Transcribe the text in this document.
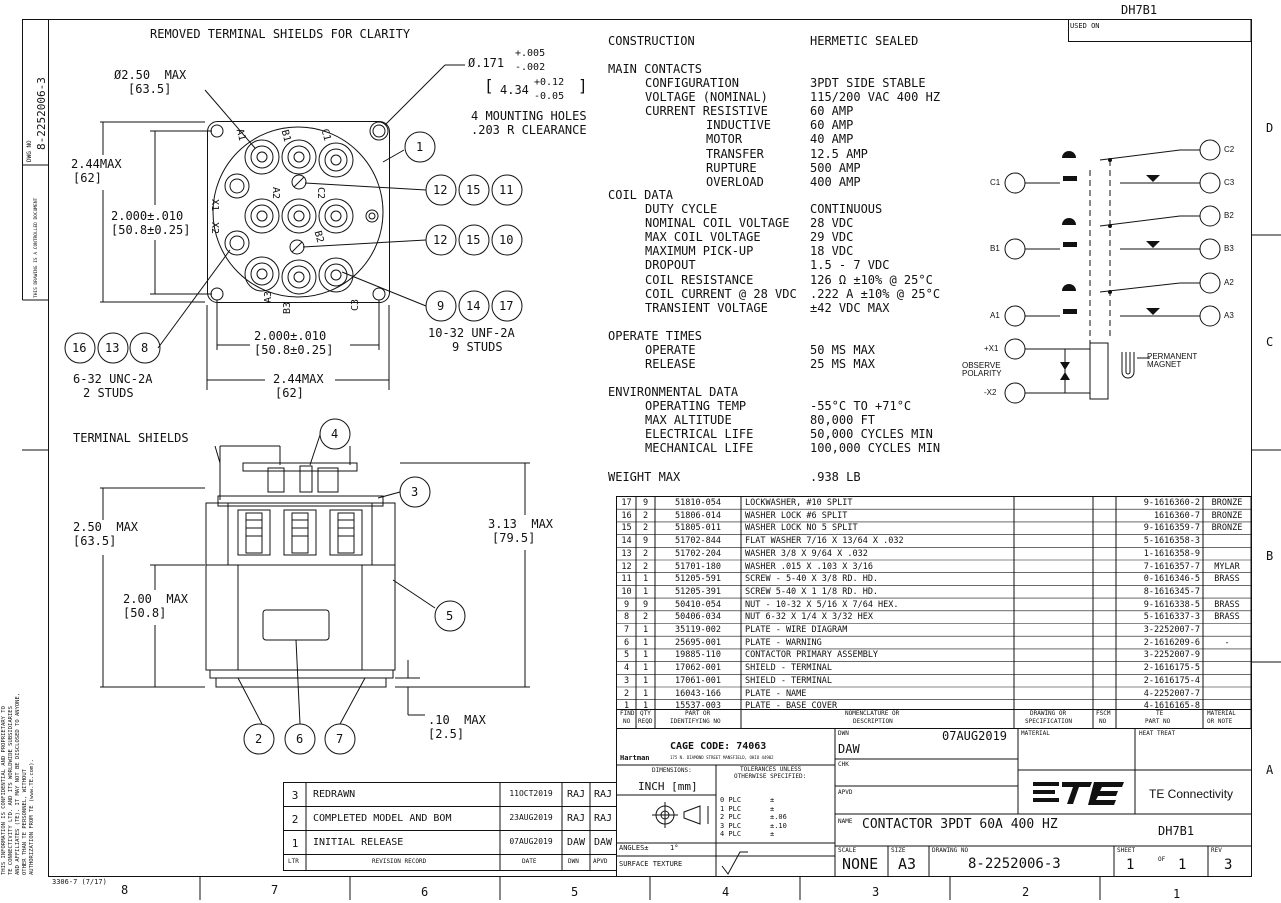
DH7B1
USED ON
D
C
B
A
8	7	6	5	4	3	2	1
3306-7 (7/17)
DWG NO
8-2252006-3
THIS DRAWING IS A CONTROLLED DOCUMENT
THIS INFORMATION IS CONFIDENTIAL AND PROPRIETARY TO TE CONNECTIVITY LTD. AND ITS WORLDWIDE SUBSIDIARIES AND AFFILIATES (TE). IT MAY NOT BE DISCLOSED TO ANYONE, OTHER THAN TE PERSONNEL, WITHOUT AUTHORIZATION FROM TE (www.TE.com).
REMOVED TERMINAL SHIELDS FOR CLARITY
Ø2.50  MAX
[63.5]
Ø.171
+.005
-.002
[ 4.34
+0.12
-0.05
]
4 MOUNTING HOLES
.203 R CLEARANCE
2.44MAX
[62]
2.000±.010
[50.8±0.25]
2.000±.010
[50.8±0.25]
2.44MAX
[62]
6-32 UNC-2A
2 STUDS
10-32 UNF-2A
9 STUDS
B1	C1
A1
X1
X2
A2	C2
B2
A3
B3	C3
1
12 15 11
12 15 10
9 14 17
16 13 8
TERMINAL SHIELDS
2.50  MAX
[63.5]
2.00  MAX
[50.8]
3.13  MAX
[79.5]
.10  MAX
[2.5]
4
3
5
2	6	7
CONSTRUCTION	HERMETIC SEALED
MAIN CONTACTS
CONFIGURATION	3PDT SIDE STABLE
VOLTAGE (NOMINAL)	115/200 VAC 400 HZ
CURRENT RESISTIVE	60 AMP
INDUCTIVE	60 AMP
MOTOR	40 AMP
TRANSFER	12.5 AMP
RUPTURE	500 AMP
OVERLOAD	400 AMP
COIL DATA
DUTY CYCLE	CONTINUOUS
NOMINAL COIL VOLTAGE 28 VDC
MAX COIL VOLTAGE	29 VDC
MAXIMUM PICK-UP	18 VDC
DROPOUT	1.5 - 7 VDC
COIL RESISTANCE	126 Ω ±10% @ 25°C
COIL CURRENT @ 28 VDC .222 A ±10% @ 25°C
TRANSIENT VOLTAGE	±42 VDC MAX
OPERATE TIMES
OPERATE	50 MS MAX
RELEASE	25 MS MAX
ENVIRONMENTAL DATA
OPERATING TEMP	-55°C TO +71°C
MAX ALTITUDE	80,000 FT
ELECTRICAL LIFE	50,000 CYCLES MIN
MECHANICAL LIFE	100,000 CYCLES MIN
WEIGHT MAX	.938 LB
C2
C3
B2
B3
A2
A3
C1
B1
A1
+X1
-X2
OBSERVE
POLARITY
PERMANENT
MAGNET
17	9	51810-054	LOCKWASHER, #10 SPLIT	9-1616360-2	BRONZE
16	2	51806-014	WASHER LOCK #6 SPLIT	1616360-7	BRONZE
15	2	51805-011	WASHER LOCK NO 5 SPLIT	9-1616359-7	BRONZE
14	9	51702-844	FLAT WASHER 7/16 X 13/64 X .032	5-1616358-3
13	2	51702-204	WASHER 3/8 X 9/64 X .032	1-1616358-9
12	2	51701-180	WASHER .015 X .103 X 3/16	7-1616357-7	MYLAR
11	1	51205-591	SCREW - 5-40 X 3/8 RD. HD.	0-1616346-5	BRASS
10	1	51205-391	SCREW 5-40 X 1 1/8 RD. HD.	8-1616345-7
9	9	50410-054	NUT - 10-32 X 5/16 X 7/64 HEX.	9-1616338-5	BRASS
8	2	50406-034	NUT 6-32 X 1/4 X 3/32 HEX	5-1616337-3	BRASS
7	1	35119-002	PLATE - WIRE DIAGRAM	3-2252007-7
6	1	25695-001	PLATE - WARNING	2-1616209-6	-
5	1	19885-110	CONTACTOR PRIMARY ASSEMBLY	3-2252007-9
4	1	17062-001	SHIELD - TERMINAL	2-1616175-5
3	1	17061-001	SHIELD - TERMINAL	2-1616175-4
2	1	16043-166	PLATE - NAME	4-2252007-7
1	1	15537-003	PLATE - BASE COVER	4-1616165-8
FIND
NO
QTY
REQD
PART OR
IDENTIFYING NO
NOMENCLATURE OR
DESCRIPTION
DRAWING OR
SPECIFICATION
FSCM
NO
TE
PART NO
MATERIAL
OR NOTE
CAGE CODE: 74063
Hartman	175 N. DIAMOND STREET MANSFIELD, OHIO 44902
DIMENSIONS:
INCH [mm]
TOLERANCES UNLESS
OTHERWISE SPECIFIED:
0 PLC	±
1 PLC	±
2 PLC	±.06
3 PLC	±.10
4 PLC	±
ANGLES±	1°
SURFACE TEXTURE
DWN
DAW
07AUG2019
CHK
APVD
MATERIAL	HEAT TREAT
NAME CONTACTOR 3PDT 60A 400 HZ
TE Connectivity
DH7B1
SCALE
NONE
SIZE
A3
DRAWING NO
8-2252006-3
SHEET
1	OF 1
REV
3
3	REDRAWN	11OCT2019	RAJ RAJ
2	COMPLETED MODEL AND BOM	23AUG2019	RAJ RAJ
1	INITIAL RELEASE	07AUG2019	DAW DAW
LTR	REVISION RECORD	DATE	DWN APVD
